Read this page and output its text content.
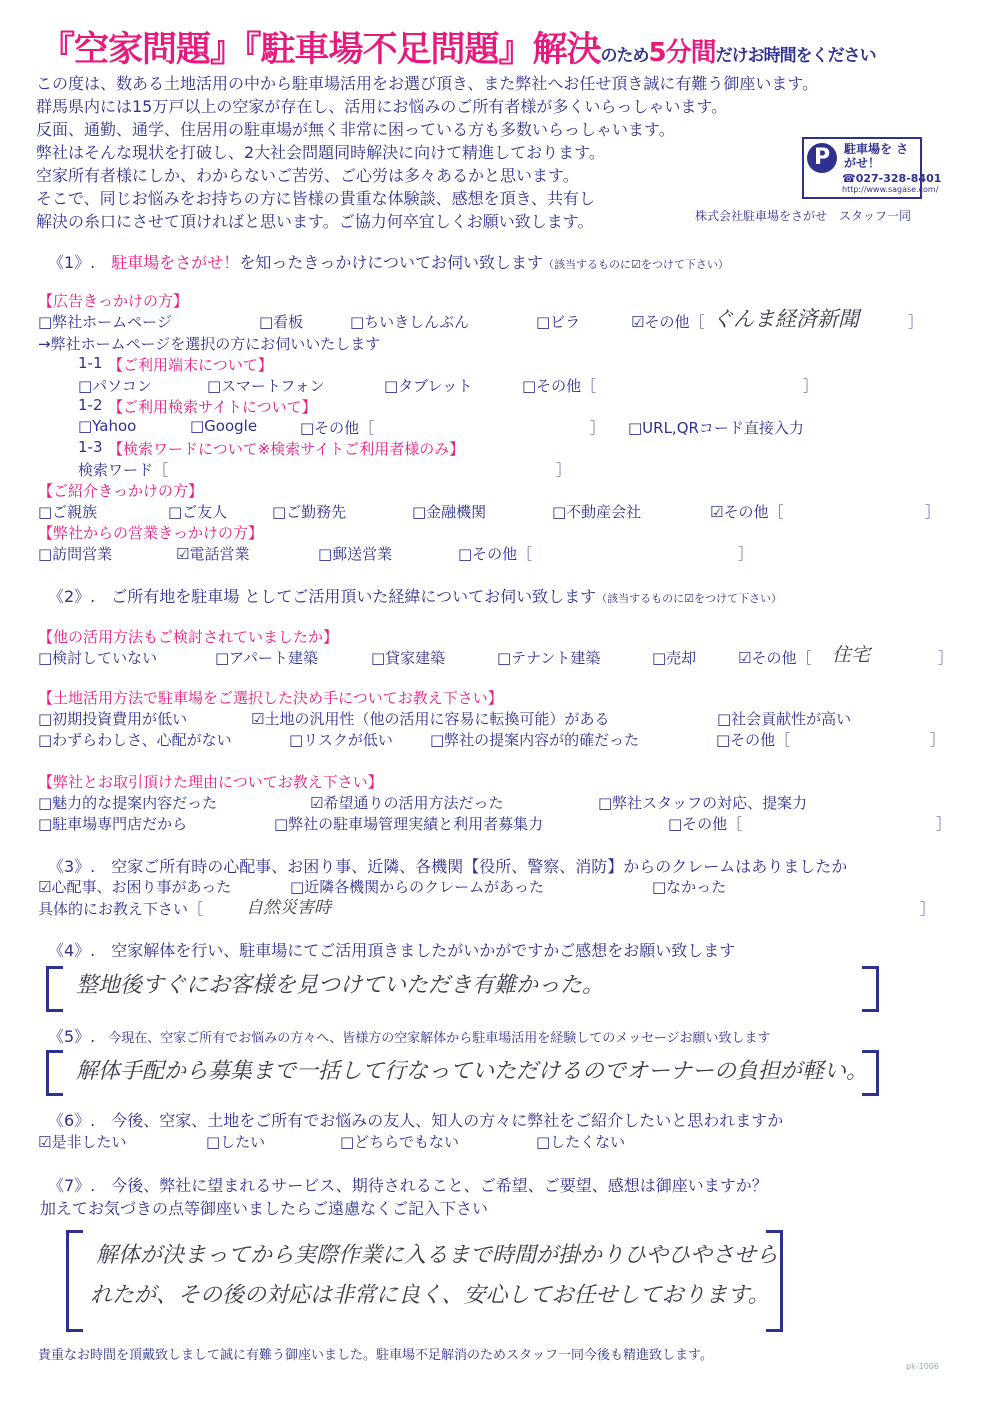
『空家問題』『駐車場不足問題』解決のため5分間だけお時間をください
この度は、数ある土地活用の中から駐車場活用をお選び頂き、また弊社へお任せ頂き誠に有難う御座います。
群馬県内には15万戸以上の空家が存在し、活用にお悩みのご所有者様が多くいらっしゃいます。
反面、通勤、通学、住居用の駐車場が無く非常に困っている方も多数いらっしゃいます。
弊社はそんな現状を打破し、2大社会問題同時解決に向けて精進しております。
空家所有者様にしか、わからないご苦労、ご心労は多々あるかと思います。
そこで、同じお悩みをお持ちの方に皆様の貴重な体験談、感想を頂き、共有し
解決の糸口にさせて頂ければと思います。ご協力何卒宜しくお願い致します。
P	駐車場を さがせ！
☎027-328-8401
http://www.sagase.com/
株式会社駐車場をさがせ　スタッフ一同
《1》.　 駐車場をさがせ！を知ったきっかけについてお伺い致します（該当するものに☑をつけて下さい）
【広告きっかけの方】
□弊社ホームページ	□看板	□ちいきしんぶん	□ビラ	☑その他［ ぐんま経済新聞	］
→弊社ホームページを選択の方にお伺いいたします
1-1 【ご利用端末について】
□パソコン	□スマートフォン	□タブレット	□その他［	］
1-2 【ご利用検索サイトについて】
□Yahoo	□Google	□その他［	］ □URL,QRコード直接入力
1-3 【検索ワードについて※検索サイトご利用者様のみ】
検索ワード［	］
【ご紹介きっかけの方】
□ご親族	□ご友人	□ご勤務先	□金融機関	□不動産会社	☑その他［	］
【弊社からの営業きっかけの方】
□訪問営業	☑電話営業	□郵送営業	□その他［	］
《2》.　 ご所有地を駐車場 としてご活用頂いた経緯についてお伺い致します（該当するものに☑をつけて下さい）
【他の活用方法もご検討されていましたか】
□検討していない	□アパート建築	□貸家建築	□テナント建築	□売却	☑その他［ 住宅	］
【土地活用方法で駐車場をご選択した決め手についてお教え下さい】
□初期投資費用が低い	☑土地の汎用性（他の活用に容易に転換可能）がある	□社会貢献性が高い
□わずらわしさ、心配がない	□リスクが低い □弊社の提案内容が的確だった	□その他［	］
【弊社とお取引頂けた理由についてお教え下さい】
□魅力的な提案内容だった	☑希望通りの活用方法だった	□弊社スタッフの対応、提案力
□駐車場専門店だから	□弊社の駐車場管理実績と利用者募集力	□その他［	］
《3》.　 空家ご所有時の心配事、お困り事、近隣、各機関【役所、警察、消防】からのクレームはありましたか
☑心配事、お困り事があった	□近隣各機関からのクレームがあった	□なかった
具体的にお教え下さい［	自然災害時	］
《4》.　 空家解体を行い、駐車場にてご活用頂きましたがいかがですかご感想をお願い致します
整地後すぐにお客様を見つけていただき有難かった。
《5》.　 今現在、空家ご所有でお悩みの方々へ、皆様方の空家解体から駐車場活用を経験してのメッセージお願い致します
解体手配から募集まで一括して行なっていただけるのでオーナーの負担が軽い。
《6》.　 今後、空家、土地をご所有でお悩みの友人、知人の方々に弊社をご紹介したいと思われますか
☑是非したい	□したい	□どちらでもない	□したくない
《7》.　 今後、弊社に望まれるサービス、期待されること、ご希望、ご要望、感想は御座いますか？
加えてお気づきの点等御座いましたらご遠慮なくご記入下さい
解体が決まってから実際作業に入るまで時間が掛かりひやひやさせら
れたが、その後の対応は非常に良く、安心してお任せしております。
貴重なお時間を頂戴致しまして誠に有難う御座いました。駐車場不足解消のためスタッフ一同今後も精進致します。
pk-1006
